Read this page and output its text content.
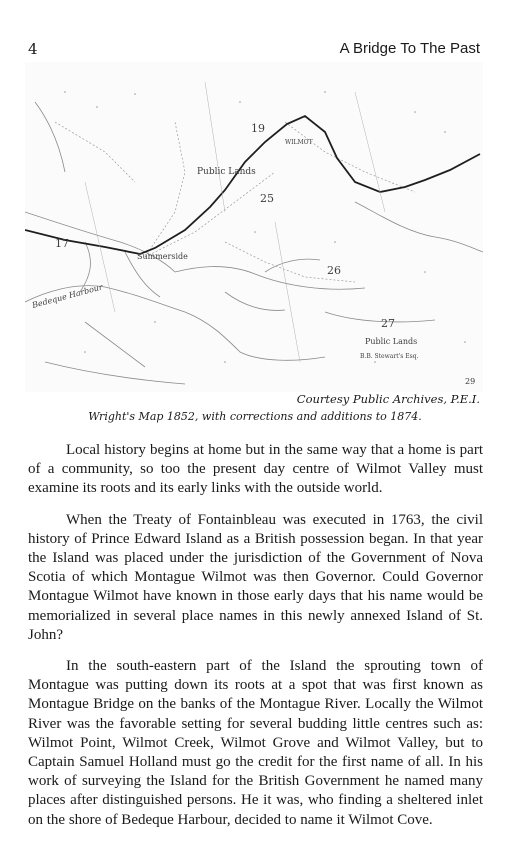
4	A Bridge To The Past
Public Lands
Public Lands
Summerside
WILMOT
Bedeque Harbour
17
19
25
26
27
29
B.B. Stewart's Esq.
Courtesy Public Archives, P.E.I.
Wright's Map 1852, with corrections and additions to 1874.

Local history begins at home but in the same way that a home is part of a community, so too the present day centre of Wilmot Valley must examine its roots and its early links with the outside world.

When the Treaty of Fontainbleau was executed in 1763, the civil history of Prince Edward Island as a British possession began. In that year the Island was placed under the jurisdiction of the Government of Nova Scotia of which Montague Wilmot was then Governor. Could Governor Montague Wilmot have known in those early days that his name would be memorialized in several place names in this newly annexed Island of St. John?

In the south-eastern part of the Island the sprouting town of Montague was putting down its roots at a spot that was first known as Montague Bridge on the banks of the Montague River. Locally the Wilmot River was the favorable setting for several budding little centres such as: Wilmot Point, Wilmot Creek, Wilmot Grove and Wilmot Valley, but to Captain Samuel Holland must go the credit for the first name of all. In his work of surveying the Island for the British Government he named many places after distinguished persons. He it was, who finding a sheltered inlet on the shore of Bedeque Harbour, decided to name it Wilmot Cove.
